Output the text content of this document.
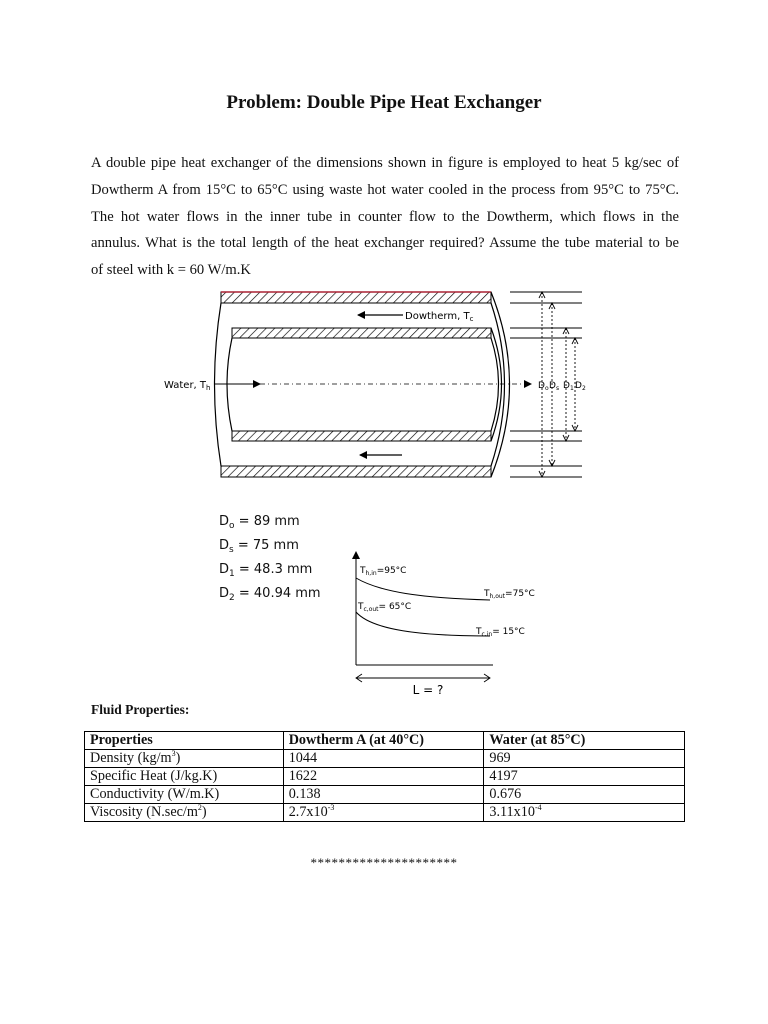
Problem: Double Pipe Heat Exchanger
A double pipe heat exchanger of the dimensions shown in figure is employed to heat 5 kg/sec of
Dowtherm A from 15°C to 65°C using waste hot water cooled in the process from 95°C to 75°C.
The hot water flows in the inner tube in counter flow to the Dowtherm, which flows in the
annulus. What is the total length of the heat exchanger required? Assume the tube material to be
of steel with k = 60 W/m.K
Dowtherm, $T_c$
Water, $T_h$	$D_o$ $D_s$ $D_1$ $D_2$
$T_{h,in}=95^\circ C$
$T_{h,out}=75^\circ C$
$T_{c,out}= 65^\circ C$
$T_{c,in}= 15^\circ C$
L = ?
$D_o = 89$ mm
$D_s = 75$ mm
$D_1 = 48.3$ mm
$D_2 = 40.94$ mm
Fluid Properties:
Properties	Dowtherm A (at 40°C)	Water (at 85°C)
Density $(kg/m^3)$	1044	969
Specific Heat (J/kg.K)	1622	4197
Conductivity (W/m.K)	0.138	0.676
Viscosity $(N.\sec/m^2)$	$2.7x10^{-3}$	$3.11x10^{-4}$
*********************
